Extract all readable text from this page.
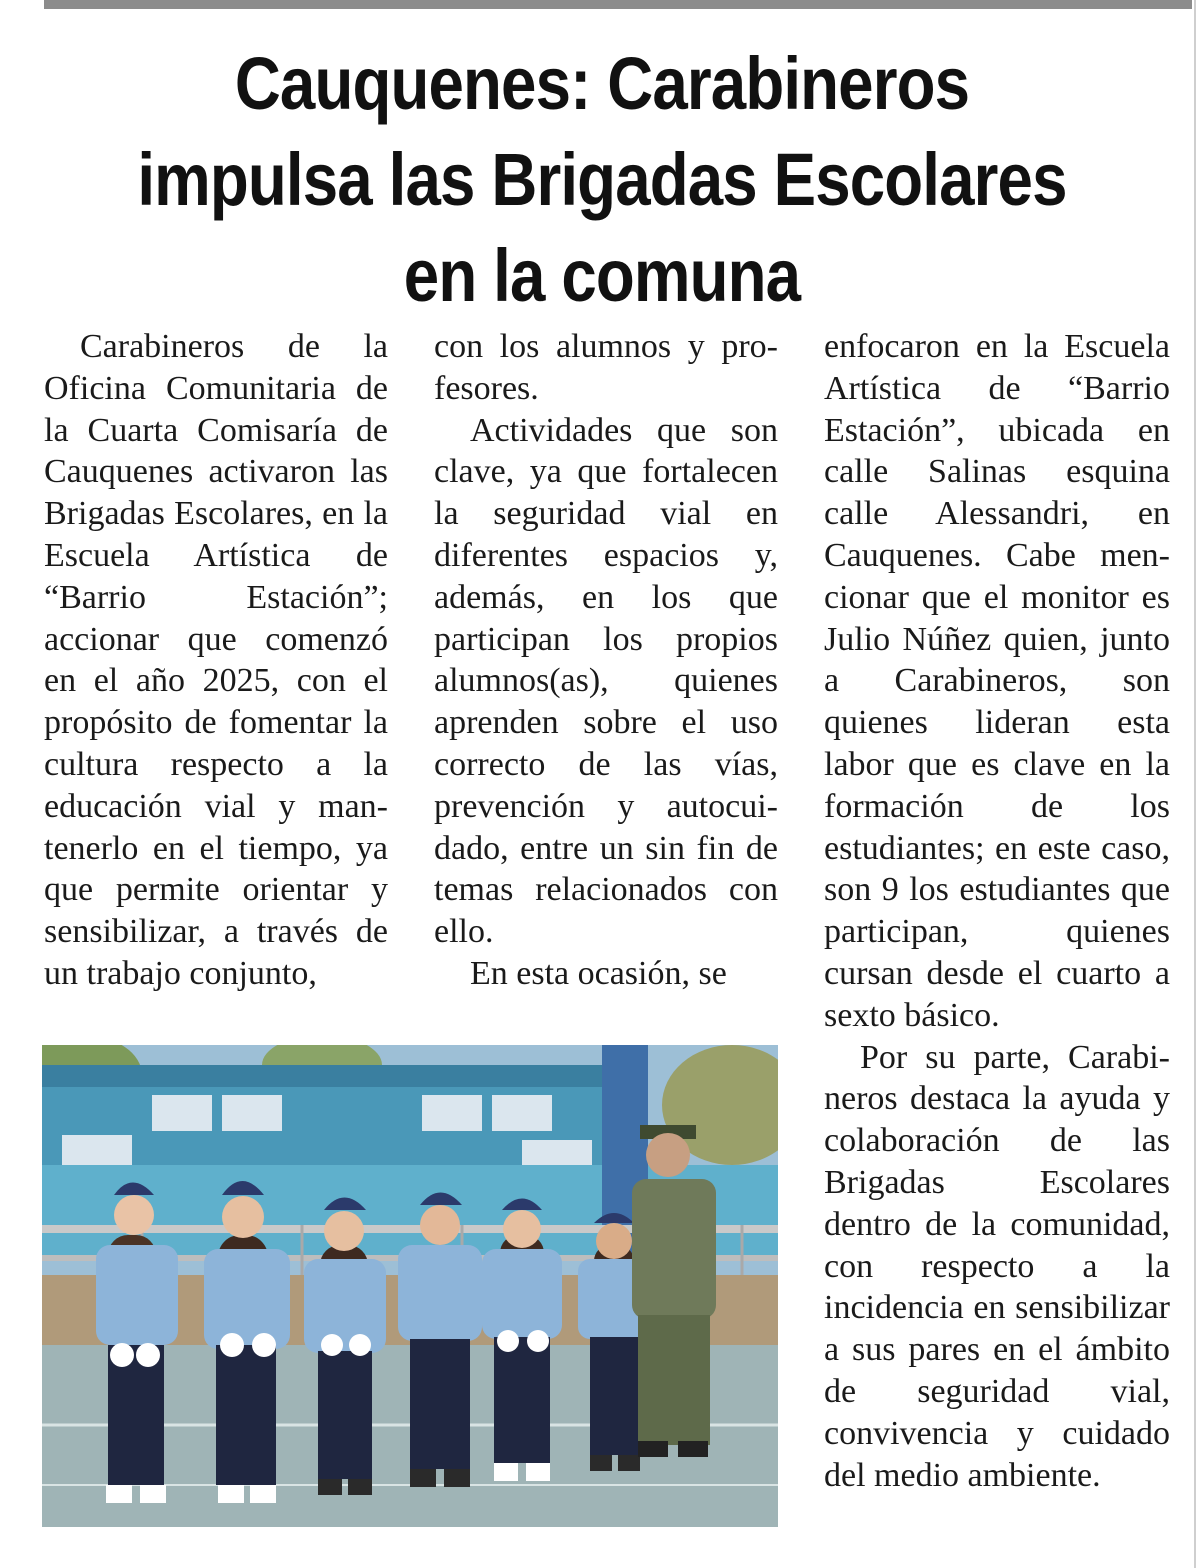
Cauquenes: Carabineros impulsa las Brigadas Escolares en la comuna

Carabineros de la Oficina Comunitaria de la Cuarta Comisaría de Cauquenes activaron las Brigadas Escolares, en la Escuela Artística de “Barrio Estación”; accionar que comenzó en el año 2025, con el propósito de fomentar la cultura respecto a la educación vial y mantenerlo en el tiempo, ya que permite orientar y sensibilizar, a través de un trabajo conjunto,

con los alumnos y profesores.

Actividades que son clave, ya que fortalecen la seguridad vial en diferentes espacios y, además, en los que participan los propios alumnos(as), quienes aprenden sobre el uso correcto de las vías, prevención y autocuidado, entre un sin fin de temas relacionados con ello.

En esta ocasión, se

enfocaron en la Escuela Artística de “Barrio Estación”, ubicada en calle Salinas esquina calle Alessandri, en Cauquenes. Cabe mencionar que el monitor es Julio Núñez quien, junto a Carabineros, son quienes lideran esta labor que es clave en la formación de los estudiantes; en este caso, son 9 los estudiantes que participan, quienes cursan desde el cuarto a sexto básico.

Por su parte, Carabineros destaca la ayuda y colaboración de las Brigadas Escolares dentro de la comunidad, con respecto a la incidencia en sensibilizar a sus pares en el ámbito de seguridad vial, convivencia y cuidado del medio ambiente.
